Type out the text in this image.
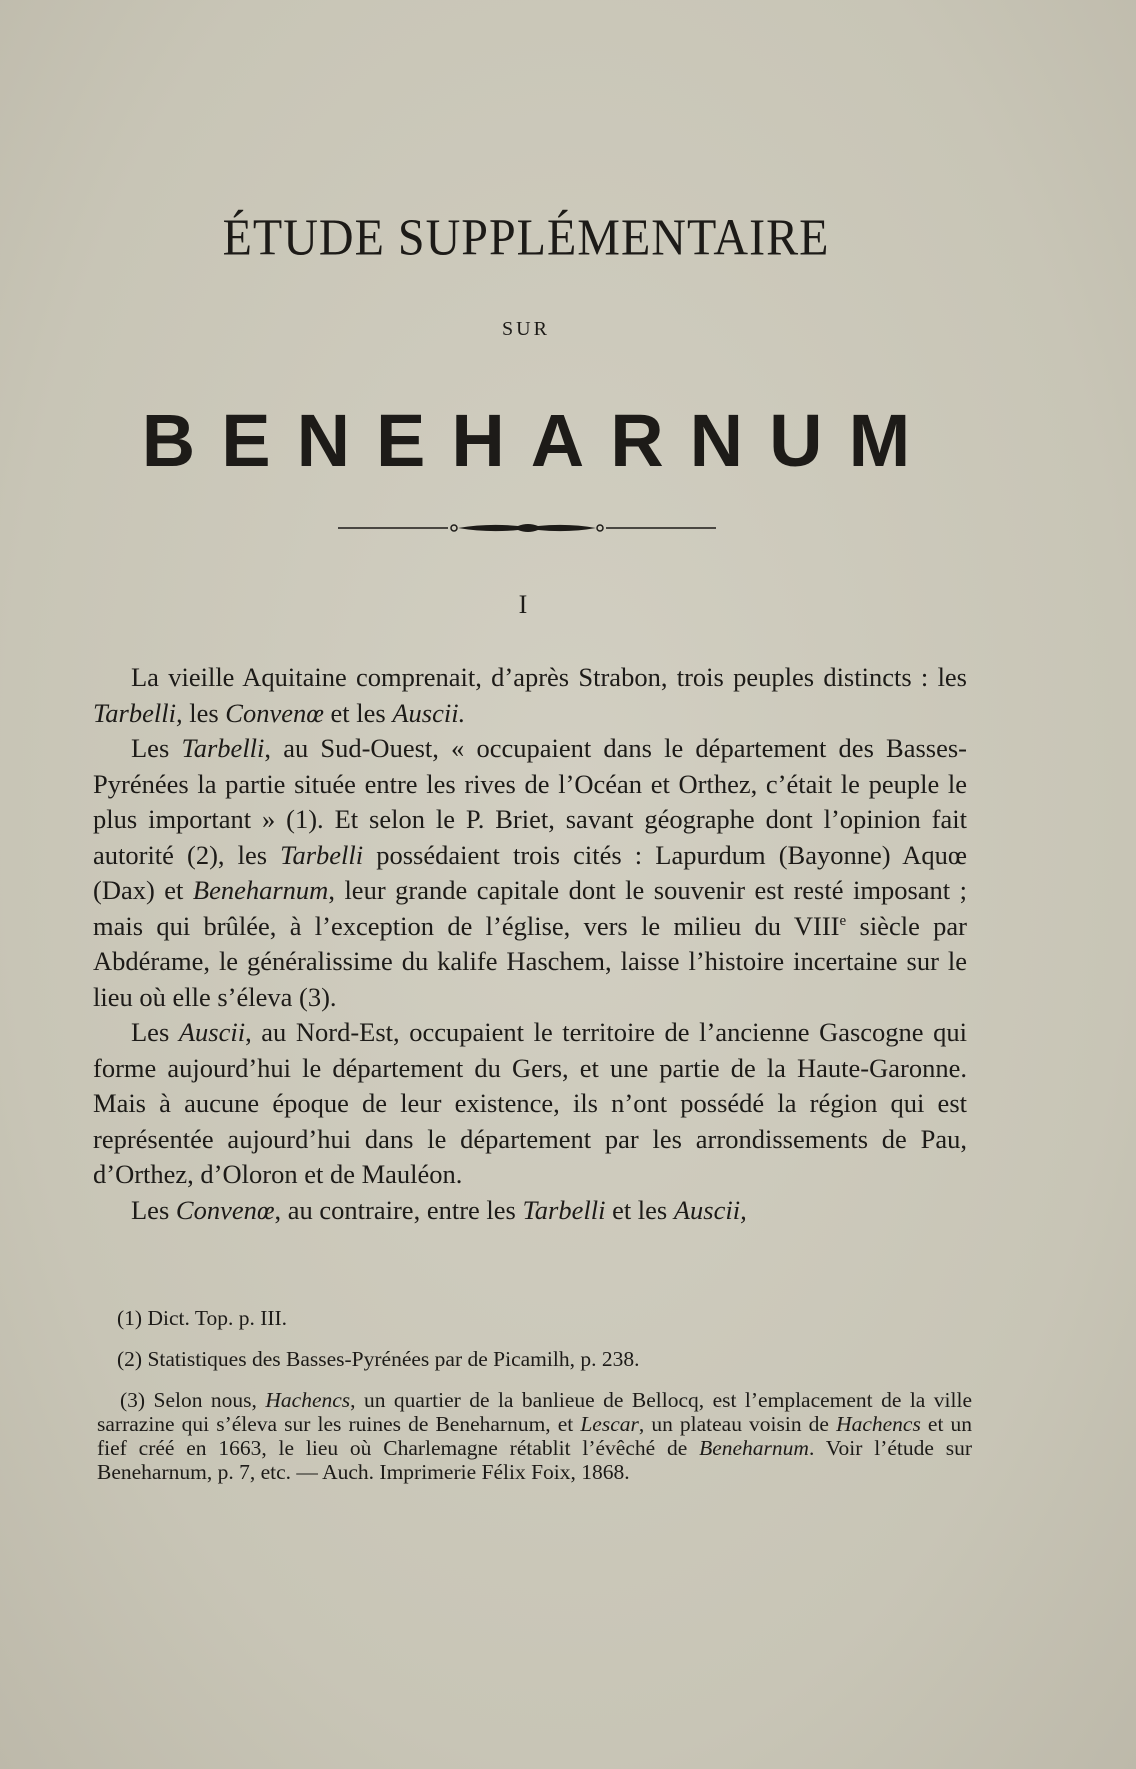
ÉTUDE SUPPLÉMENTAIRE
SUR
BENEHARNUM
I

La vieille Aquitaine comprenait, d’après Strabon, trois peuples distincts : les Tarbelli, les Convenœ et les Auscii.

Les Tarbelli, au Sud-Ouest, « occupaient dans le département des Basses-Pyrénées la partie située entre les rives de l’Océan et Orthez, c’était le peuple le plus important » (1). Et selon le P. Briet, savant géographe dont l’opinion fait autorité (2), les Tarbelli possédaient trois cités : Lapurdum (Bayonne) Aquœ (Dax) et Beneharnum, leur grande capitale dont le souvenir est resté imposant ; mais qui brûlée, à l’exception de l’église, vers le milieu du VIIIe siècle par Abdérame, le généralissime du kalife Haschem, laisse l’histoire incertaine sur le lieu où elle s’éleva (3).

Les Auscii, au Nord-Est, occupaient le territoire de l’ancienne Gascogne qui forme aujourd’hui le département du Gers, et une partie de la Haute-Garonne. Mais à aucune époque de leur existence, ils n’ont possédé la région qui est représentée aujourd’hui dans le département par les arrondissements de Pau, d’Orthez, d’Oloron et de Mauléon.

Les Convenœ, au contraire, entre les Tarbelli et les Auscii,

(1) Dict. Top. p. III.
(2) Statistiques des Basses-Pyrénées par de Picamilh, p. 238.
(3) Selon nous, Hachencs, un quartier de la banlieue de Bellocq, est l’emplacement de la ville sarrazine qui s’éleva sur les ruines de Beneharnum, et Lescar, un plateau voisin de Hachencs et un fief créé en 1663, le lieu où Charlemagne rétablit l’évêché de Beneharnum. Voir l’étude sur Beneharnum, p. 7, etc. — Auch. Imprimerie Félix Foix, 1868.
